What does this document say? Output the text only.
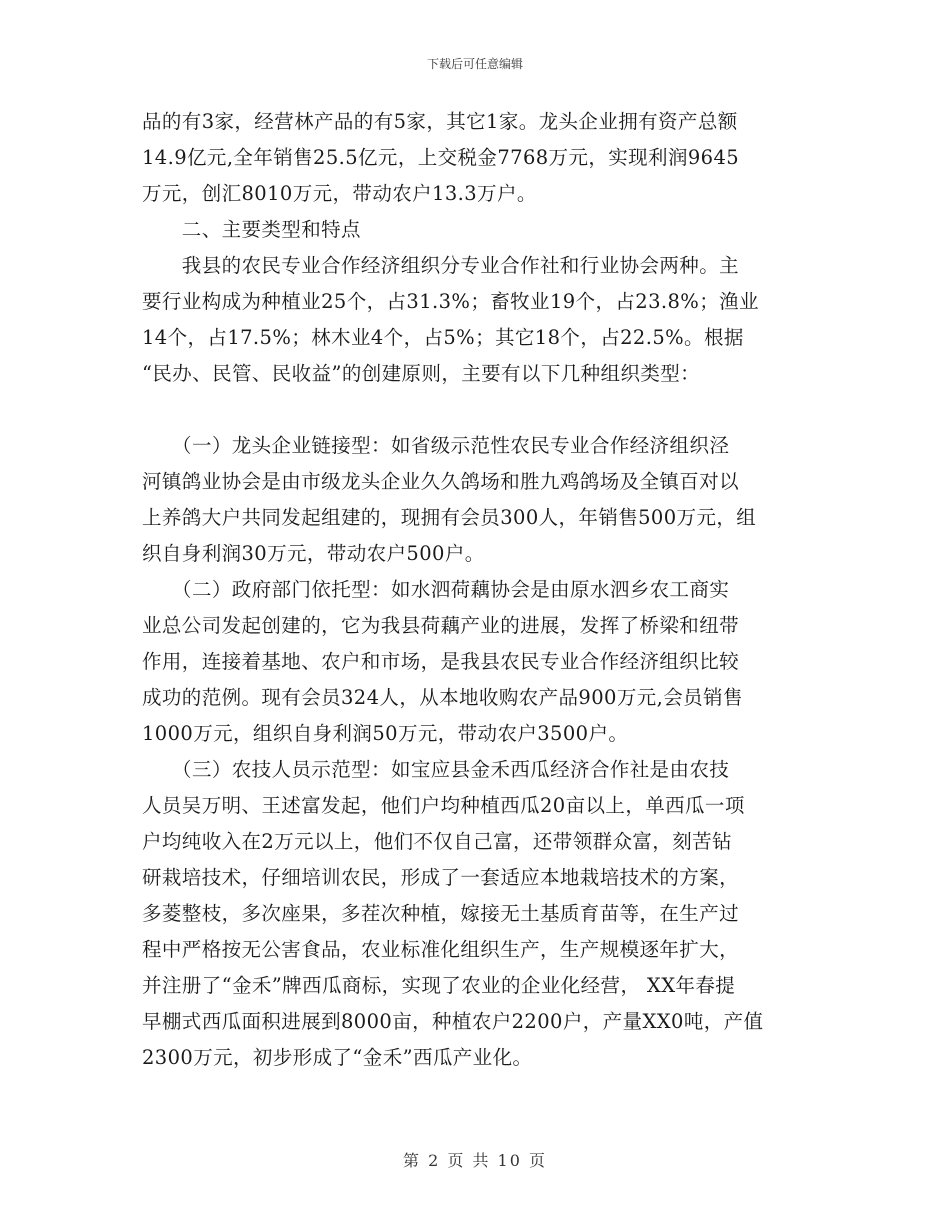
下载后可任意编辑
品的有3家，经营林产品的有5家，其它1家。龙头企业拥有资产总额
14.9亿元,全年销售25.5亿元，上交税金7768万元，实现利润9645
万元，创汇8010万元，带动农户13.3万户。
　　二、主要类型和特点
　　我县的农民专业合作经济组织分专业合作社和行业协会两种。主
要行业构成为种植业25个，占31.3%；畜牧业19个，占23.8%；渔业
14个，占17.5%；林木业4个，占5%；其它18个，占22.5%。根据
“民办、民管、民收益”的创建原则，主要有以下几种组织类型：
　　（一）龙头企业链接型：如省级示范性农民专业合作经济组织泾
河镇鸽业协会是由市级龙头企业久久鸽场和胜九鸡鸽场及全镇百对以
上养鸽大户共同发起组建的，现拥有会员300人，年销售500万元，组
织自身利润30万元，带动农户500户。
　　（二）政府部门依托型：如水泗荷藕协会是由原水泗乡农工商实
业总公司发起创建的，它为我县荷藕产业的进展，发挥了桥梁和纽带
作用，连接着基地、农户和市场，是我县农民专业合作经济组织比较
成功的范例。现有会员324人，从本地收购农产品900万元,会员销售
1000万元，组织自身利润50万元，带动农户3500户。
　　（三）农技人员示范型：如宝应县金禾西瓜经济合作社是由农技
人员吴万明、王述富发起，他们户均种植西瓜20亩以上，单西瓜一项
户均纯收入在2万元以上，他们不仅自己富，还带领群众富，刻苦钻
研栽培技术，仔细培训农民，形成了一套适应本地栽培技术的方案，
多菱整枝，多次座果，多茬次种植，嫁接无土基质育苗等，在生产过
程中严格按无公害食品，农业标准化组织生产，生产规模逐年扩大，
并注册了“金禾”牌西瓜商标，实现了农业的企业化经营， XX年春提
早棚式西瓜面积进展到8000亩，种植农户2200户，产量XX0吨，产值
2300万元，初步形成了“金禾”西瓜产业化。
第 2 页 共 10 页
